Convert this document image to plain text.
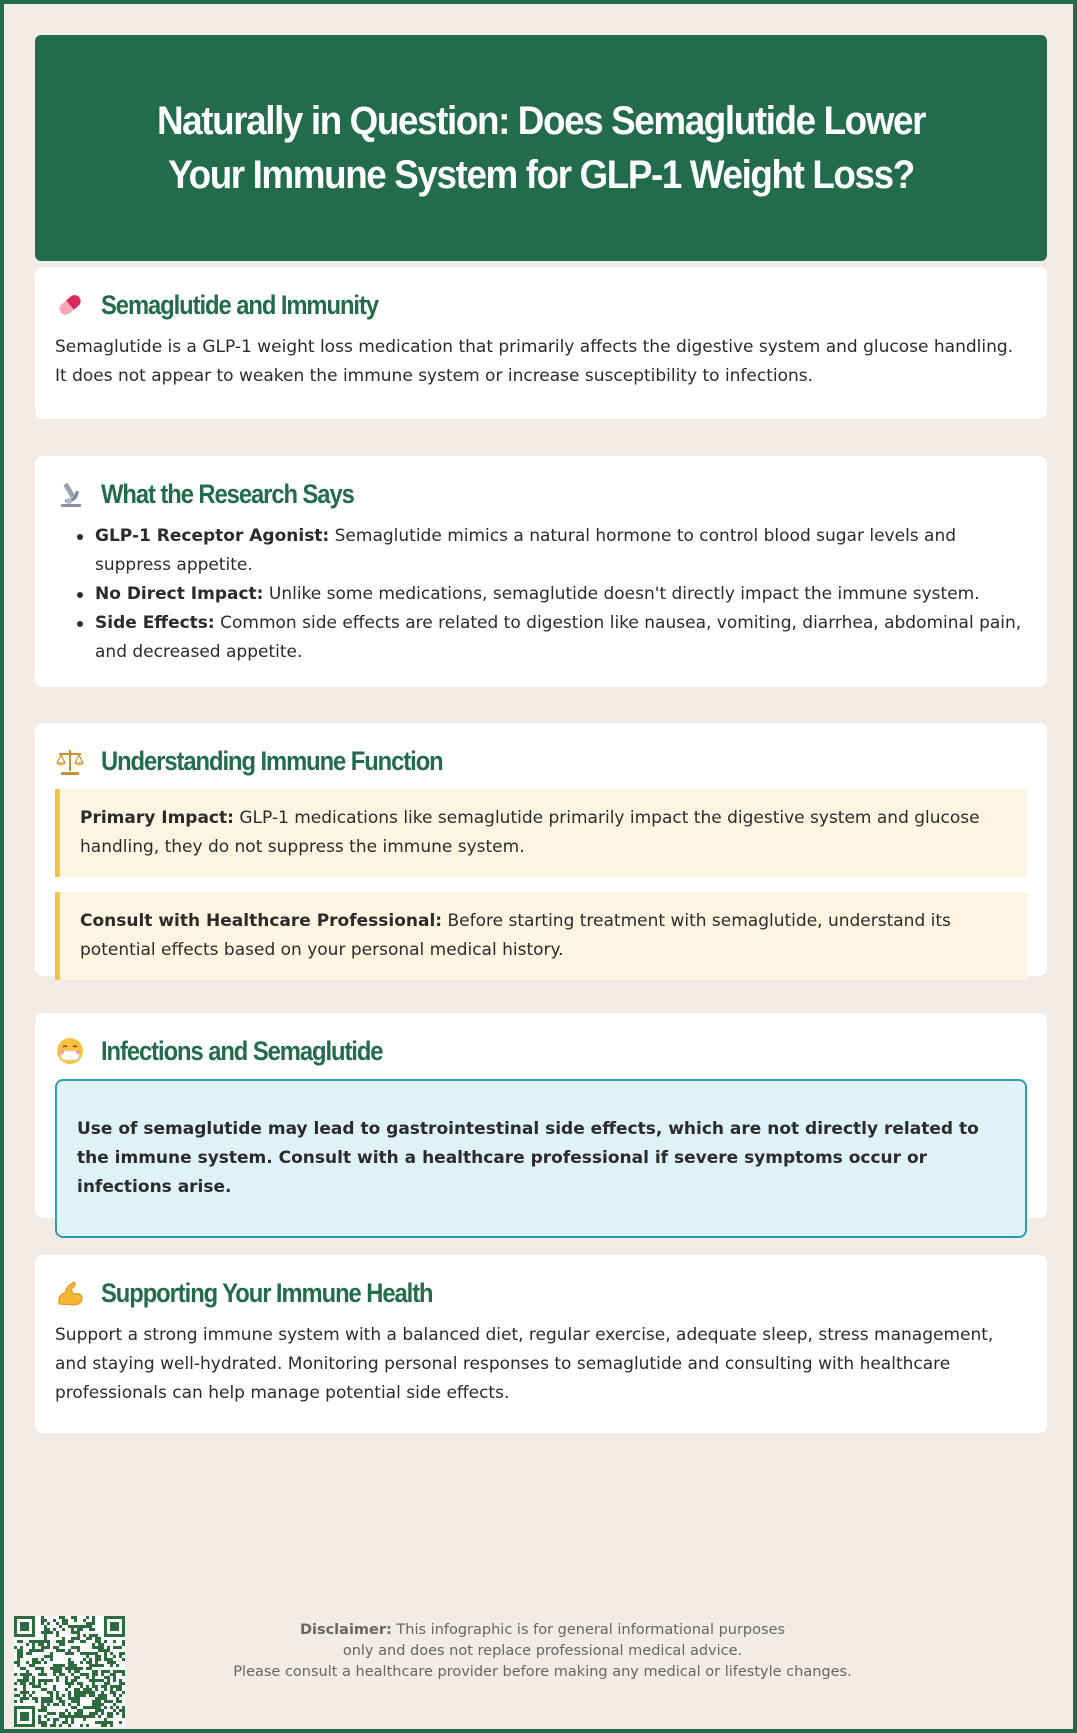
Naturally in Question: Does Semaglutide Lower Your Immune System for GLP-1 Weight Loss?
Semaglutide and Immunity

Semaglutide is a GLP-1 weight loss medication that primarily affects the digestive system and glucose handling. It does not appear to weaken the immune system or increase susceptibility to infections.

What the Research Says
GLP-1 Receptor Agonist: Semaglutide mimics a natural hormone to control blood sugar levels and suppress appetite.
No Direct Impact: Unlike some medications, semaglutide doesn't directly impact the immune system.
Side Effects: Common side effects are related to digestion like nausea, vomiting, diarrhea, abdominal pain, and decreased appetite.
Understanding Immune Function
Primary Impact: GLP-1 medications like semaglutide primarily impact the digestive system and glucose handling, they do not suppress the immune system.
Consult with Healthcare Professional: Before starting treatment with semaglutide, understand its potential effects based on your personal medical history.
Infections and Semaglutide
Use of semaglutide may lead to gastrointestinal side effects, which are not directly related to the immune system. Consult with a healthcare professional if severe symptoms occur or infections arise.
Supporting Your Immune Health

Support a strong immune system with a balanced diet, regular exercise, adequate sleep, stress management, and staying well-hydrated. Monitoring personal responses to semaglutide and consulting with healthcare professionals can help manage potential side effects.

Disclaimer: This infographic is for general informational purposes
only and does not replace professional medical advice.
Please consult a healthcare provider before making any medical or lifestyle changes.
